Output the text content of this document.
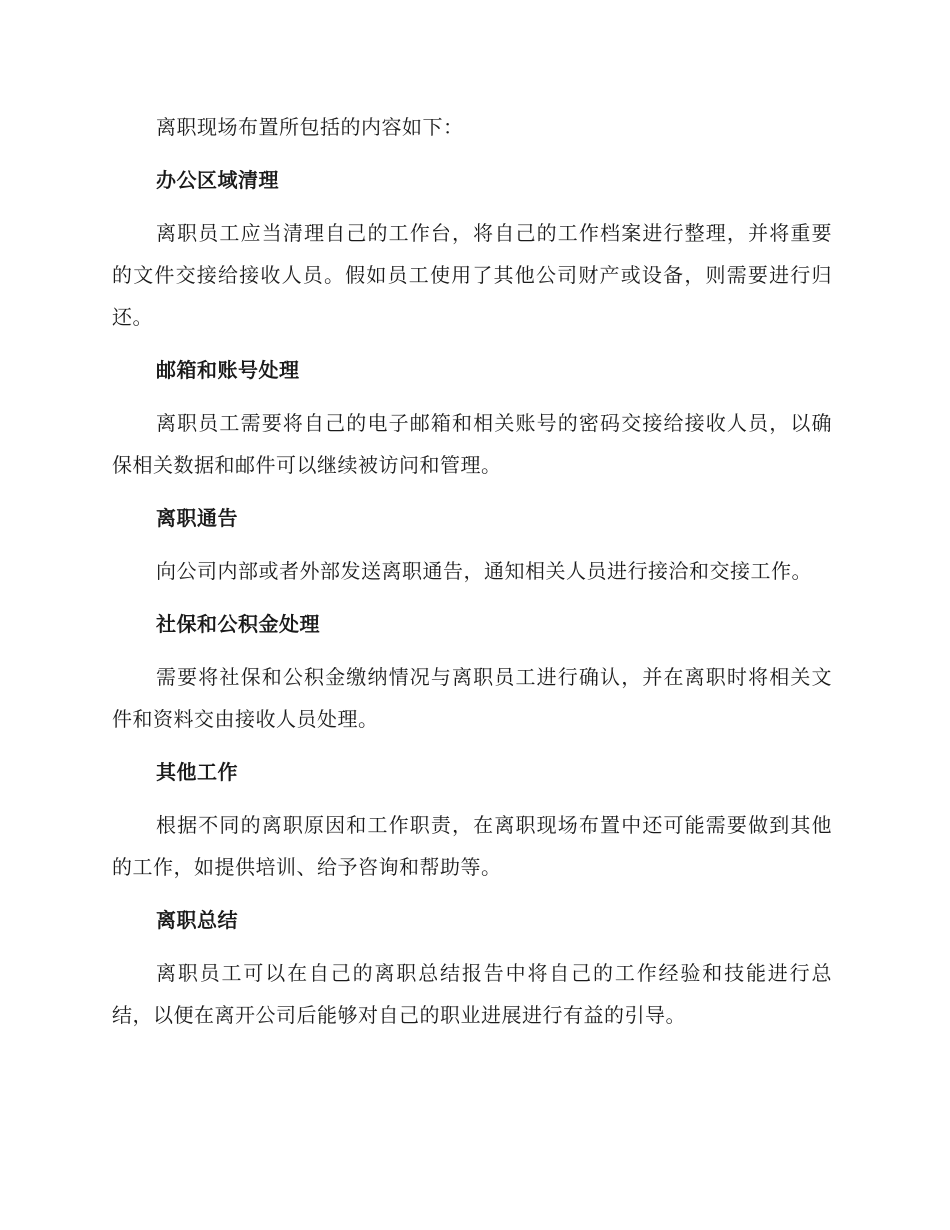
离职现场布置所包括的内容如下：

办公区域清理

离职员工应当清理自己的工作台，将自己的工作档案进行整理，并将重要的文件交接给接收人员。假如员工使用了其他公司财产或设备，则需要进行归还。

邮箱和账号处理

离职员工需要将自己的电子邮箱和相关账号的密码交接给接收人员，以确保相关数据和邮件可以继续被访问和管理。

离职通告

向公司内部或者外部发送离职通告，通知相关人员进行接洽和交接工作。

社保和公积金处理

需要将社保和公积金缴纳情况与离职员工进行确认，并在离职时将相关文件和资料交由接收人员处理。

其他工作

根据不同的离职原因和工作职责，在离职现场布置中还可能需要做到其他的工作，如提供培训、给予咨询和帮助等。

离职总结

离职员工可以在自己的离职总结报告中将自己的工作经验和技能进行总结，以便在离开公司后能够对自己的职业进展进行有益的引导。
